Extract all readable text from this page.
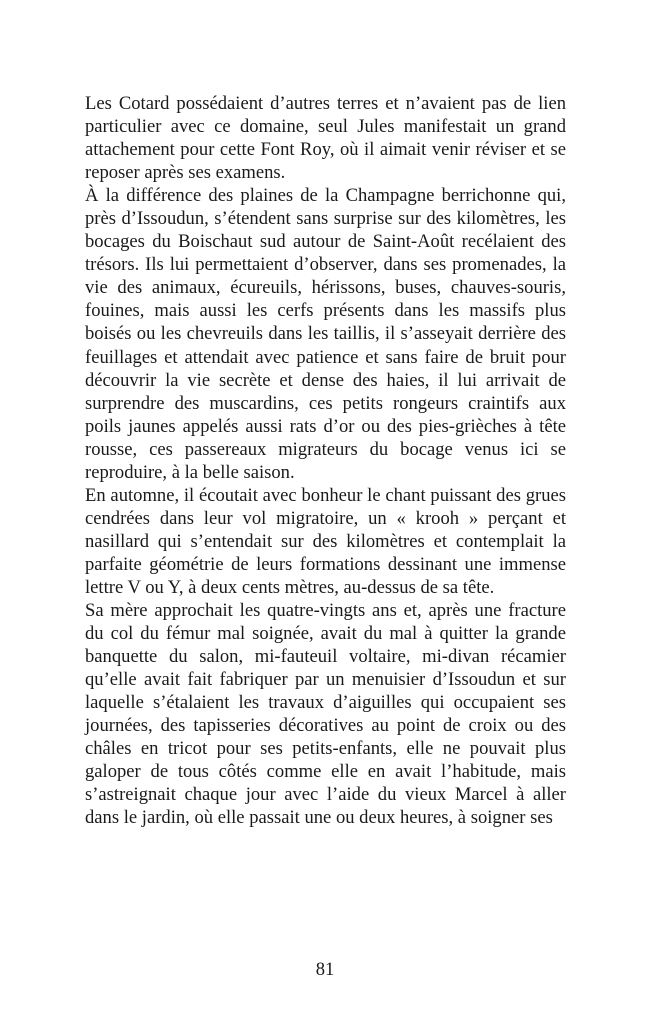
Les Cotard possédaient d’autres terres et n’avaient pas de lien particulier avec ce domaine, seul Jules manifestait un grand attachement pour cette Font Roy, où il aimait venir réviser et se reposer après ses examens.

À la différence des plaines de la Champagne berrichonne qui, près d’Issoudun, s’étendent sans surprise sur des kilomètres, les bocages du Boischaut sud autour de Saint-Août recélaient des trésors. Ils lui permettaient d’observer, dans ses promenades, la vie des animaux, écureuils, hérissons, buses, chauves-souris, fouines, mais aussi les cerfs présents dans les massifs plus boisés ou les chevreuils dans les taillis, il s’asseyait derrière des feuillages et attendait avec patience et sans faire de bruit pour découvrir la vie secrète et dense des haies, il lui arrivait de surprendre des muscardins, ces petits rongeurs craintifs aux poils jaunes appelés aussi rats d’or ou des pies-grièches à tête rousse, ces passereaux migrateurs du bocage venus ici se reproduire, à la belle saison.

En automne, il écoutait avec bonheur le chant puissant des grues cendrées dans leur vol migratoire, un « krooh » perçant et nasillard qui s’entendait sur des kilomètres et contemplait la parfaite géométrie de leurs formations dessinant une immense lettre V ou Y, à deux cents mètres, au-dessus de sa tête.

Sa mère approchait les quatre-vingts ans et, après une fracture du col du fémur mal soignée, avait du mal à quitter la grande banquette du salon, mi-fauteuil voltaire, mi-divan récamier qu’elle avait fait fabriquer par un menuisier d’Issoudun et sur laquelle s’étalaient les travaux d’aiguilles qui occupaient ses journées, des tapisseries décoratives au point de croix ou des châles en tricot pour ses petits-enfants, elle ne pouvait plus galoper de tous côtés comme elle en avait l’habitude, mais s’astreignait chaque jour avec l’aide du vieux Marcel à aller dans le jardin, où elle passait une ou deux heures, à soigner ses

81
